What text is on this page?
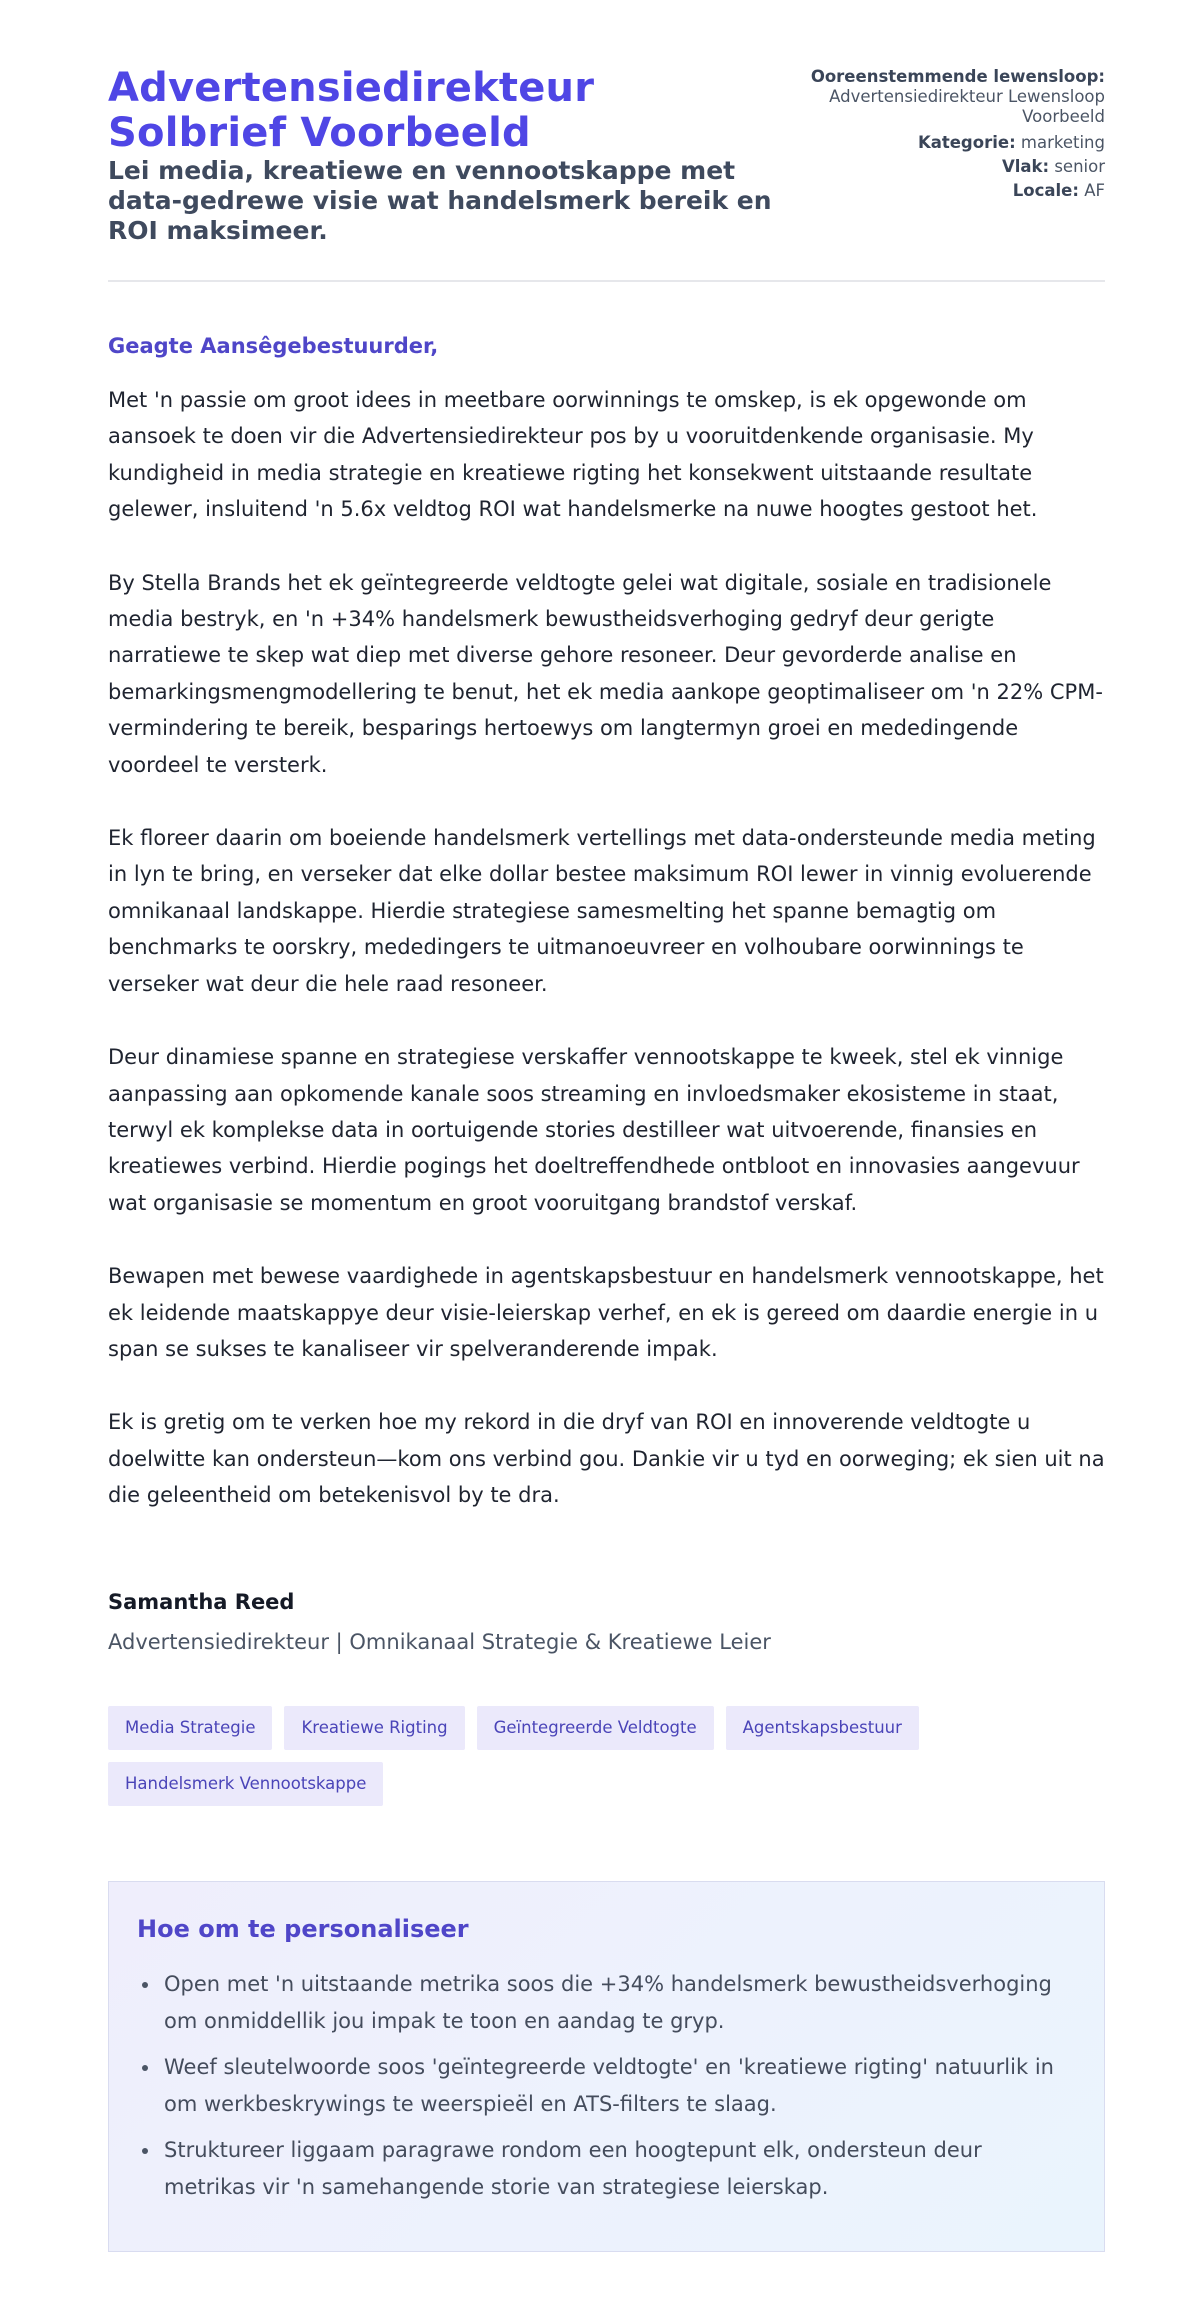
Advertensiedirekteur
Solbrief Voorbeeld
Lei media, kreatiewe en vennootskappe met data-gedrewe visie wat handelsmerk bereik en ROI maksimeer.
Ooreenstemmende lewensloop:
Advertensiedirekteur Lewensloop Voorbeeld
Kategorie: marketing
Vlak: senior
Locale: AF
Geagte Aansêgebestuurder,

Met 'n passie om groot idees in meetbare oorwinnings te omskep, is ek opgewonde om aansoek te doen vir die Advertensiedirekteur pos by u vooruitdenkende organisasie. My kundigheid in media strategie en kreatiewe rigting het konsekwent uitstaande resultate gelewer, insluitend 'n 5.6x veldtog ROI wat handelsmerke na nuwe hoogtes gestoot het.

By Stella Brands het ek geïntegreerde veldtogte gelei wat digitale, sosiale en tradisionele media bestryk, en 'n +34% handelsmerk bewustheidsverhoging gedryf deur gerigte narratiewe te skep wat diep met diverse gehore resoneer. Deur gevorderde analise en bemarkingsmengmodellering te benut, het ek media aankope geoptimaliseer om 'n 22% CPM-vermindering te bereik, besparings hertoewys om langtermyn groei en mededingende voordeel te versterk.

Ek floreer daarin om boeiende handelsmerk vertellings met data-ondersteunde media meting in lyn te bring, en verseker dat elke dollar bestee maksimum ROI lewer in vinnig evoluerende omnikanaal landskappe. Hierdie strategiese samesmelting het spanne bemagtig om benchmarks te oorskry, mededingers te uitmanoeuvreer en volhoubare oorwinnings te verseker wat deur die hele raad resoneer.

Deur dinamiese spanne en strategiese verskaffer vennootskappe te kweek, stel ek vinnige aanpassing aan opkomende kanale soos streaming en invloedsmaker ekosisteme in staat, terwyl ek komplekse data in oortuigende stories destilleer wat uitvoerende, finansies en kreatiewes verbind. Hierdie pogings het doeltreffendhede ontbloot en innovasies aangevuur wat organisasie se momentum en groot vooruitgang brandstof verskaf.

Bewapen met bewese vaardighede in agentskapsbestuur en handelsmerk vennootskappe, het ek leidende maatskappye deur visie-leierskap verhef, en ek is gereed om daardie energie in u span se sukses te kanaliseer vir spelveranderende impak.

Ek is gretig om te verken hoe my rekord in die dryf van ROI en innoverende veldtogte u doelwitte kan ondersteun—kom ons verbind gou. Dankie vir u tyd en oorweging; ek sien uit na die geleentheid om betekenisvol by te dra.

Samantha Reed
Advertensiedirekteur | Omnikanaal Strategie & Kreatiewe Leier
Media Strategie	Kreatiewe Rigting	Geïntegreerde Veldtogte	Agentskapsbestuur
Handelsmerk Vennootskappe
Hoe om te personaliseer
Open met 'n uitstaande metrika soos die +34% handelsmerk bewustheidsverhoging om onmiddellik jou impak te toon en aandag te gryp.
Weef sleutelwoorde soos 'geïntegreerde veldtogte' en 'kreatiewe rigting' natuurlik in om werkbeskrywings te weerspieël en ATS-filters te slaag.
Struktureer liggaam paragrawe rondom een hoogtepunt elk, ondersteun deur metrikas vir 'n samehangende storie van strategiese leierskap.
